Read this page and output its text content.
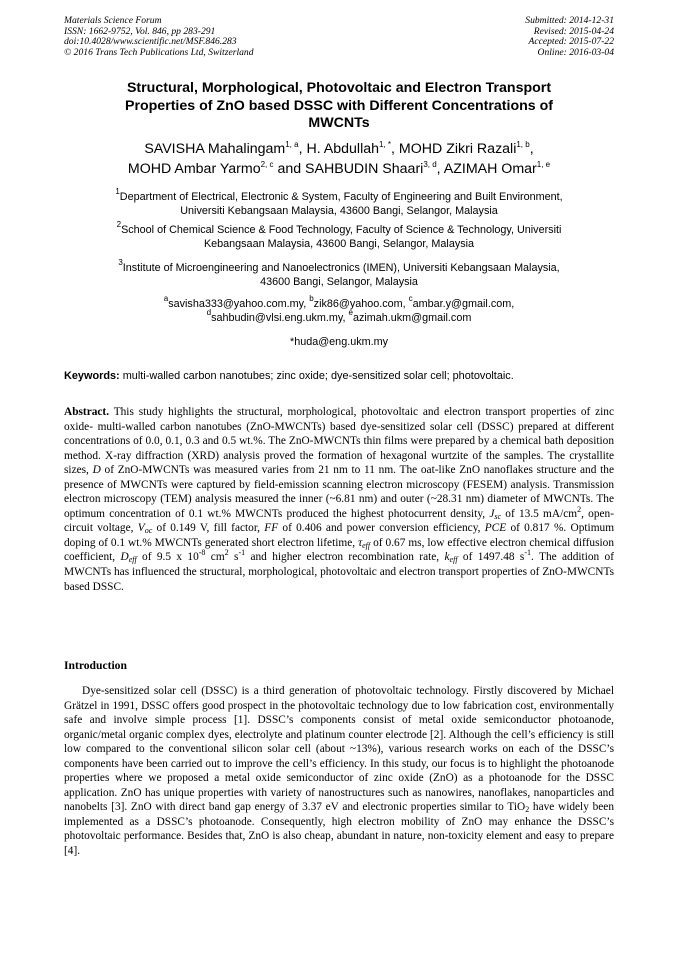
Materials Science Forum
ISSN: 1662-9752, Vol. 846, pp 283-291
doi:10.4028/www.scientific.net/MSF.846.283
© 2016 Trans Tech Publications Ltd, Switzerland
Submitted: 2014-12-31
Revised: 2015-04-24
Accepted: 2015-07-22
Online: 2016-03-04
Structural, Morphological, Photovoltaic and Electron Transport
Properties of ZnO based DSSC with Different Concentrations of
MWCNTs
SAVISHA Mahalingam$^{1, a}$, H. Abdullah$^{1, *}$, MOHD Zikri Razali$^{1, b}$,
MOHD Ambar Yarmo$^{2, c}$ and SAHBUDIN Shaari$^{3, d}$, AZIMAH Omar$^{1, e}$
$^1$Department of Electrical, Electronic & System, Faculty of Engineering and Built Environment,
Universiti Kebangsaan Malaysia, 43600 Bangi, Selangor, Malaysia
$^2$School of Chemical Science & Food Technology, Faculty of Science & Technology, Universiti
Kebangsaan Malaysia, 43600 Bangi, Selangor, Malaysia
$^3$Institute of Microengineering and Nanoelectronics (IMEN), Universiti Kebangsaan Malaysia,
43600 Bangi, Selangor, Malaysia
$^a$savisha333@yahoo.com.my, $^b$zik86@yahoo.com, $^c$ambar.y@gmail.com,
$^d$sahbudin@vlsi.eng.ukm.my, $^e$azimah.ukm@gmail.com
*huda@eng.ukm.my
Keywords: multi-walled carbon nanotubes; zinc oxide; dye-sensitized solar cell; photovoltaic.
Abstract. This study highlights the structural, morphological, photovoltaic and electron transport properties of zinc oxide- multi-walled carbon nanotubes (ZnO-MWCNTs) based dye-sensitized solar cell (DSSC) prepared at different concentrations of 0.0, 0.1, 0.3 and 0.5 wt.%. The ZnO-MWCNTs thin films were prepared by a chemical bath deposition method. X-ray diffraction (XRD) analysis proved the formation of hexagonal wurtzite of the samples. The crystallite sizes, D of ZnO-MWCNTs was measured varies from 21 nm to 11 nm. The oat-like ZnO nanoflakes structure and the presence of MWCNTs were captured by field-emission scanning electron microscopy (FESEM) analysis. Transmission electron microscopy (TEM) analysis measured the inner (~6.81 nm) and outer (~28.31 nm) diameter of MWCNTs. The optimum concentration of 0.1 wt.% MWCNTs produced the highest photocurrent density, $J_{sc}$ of 13.5 $mA/cm^2$, open-circuit voltage, $V_{oc}$ of 0.149 V, fill factor, FF of 0.406 and power conversion efficiency, PCE of 0.817 %. Optimum doping of 0.1 wt.% MWCNTs generated short electron lifetime, $\tau_{eff}$ of 0.67 ms, low effective electron chemical diffusion coefficient, $D_{eff}$ of 9.5 x $10^{-8}$ $cm^2$ $s^{-1}$ and higher electron recombination rate, $k_{eff}$ of 1497.48 $s^{-1}$. The addition of MWCNTs has influenced the structural, morphological, photovoltaic and electron transport properties of ZnO-MWCNTs based DSSC.
Introduction
Dye-sensitized solar cell (DSSC) is a third generation of photovoltaic technology. Firstly discovered by Michael Grätzel in 1991, DSSC offers good prospect in the photovoltaic technology due to low fabrication cost, environmentally safe and involve simple process [1]. DSSC’s components consist of metal oxide semiconductor photoanode, organic/metal organic complex dyes, electrolyte and platinum counter electrode [2]. Although the cell’s efficiency is still low compared to the conventional silicon solar cell (about ~13%), various research works on each of the DSSC’s components have been carried out to improve the cell’s efficiency. In this study, our focus is to highlight the photoanode properties where we proposed a metal oxide semiconductor of zinc oxide (ZnO) as a photoanode for the DSSC application. ZnO has unique properties with variety of nanostructures such as nanowires, nanoflakes, nanoparticles and nanobelts [3]. ZnO with direct band gap energy of 3.37 eV and electronic properties similar to TiO$_2$ have widely been implemented as a DSSC’s photoanode. Consequently, high electron mobility of ZnO may enhance the DSSC’s photovoltaic performance. Besides that, ZnO is also cheap, abundant in nature, non-toxicity element and easy to prepare [4].
